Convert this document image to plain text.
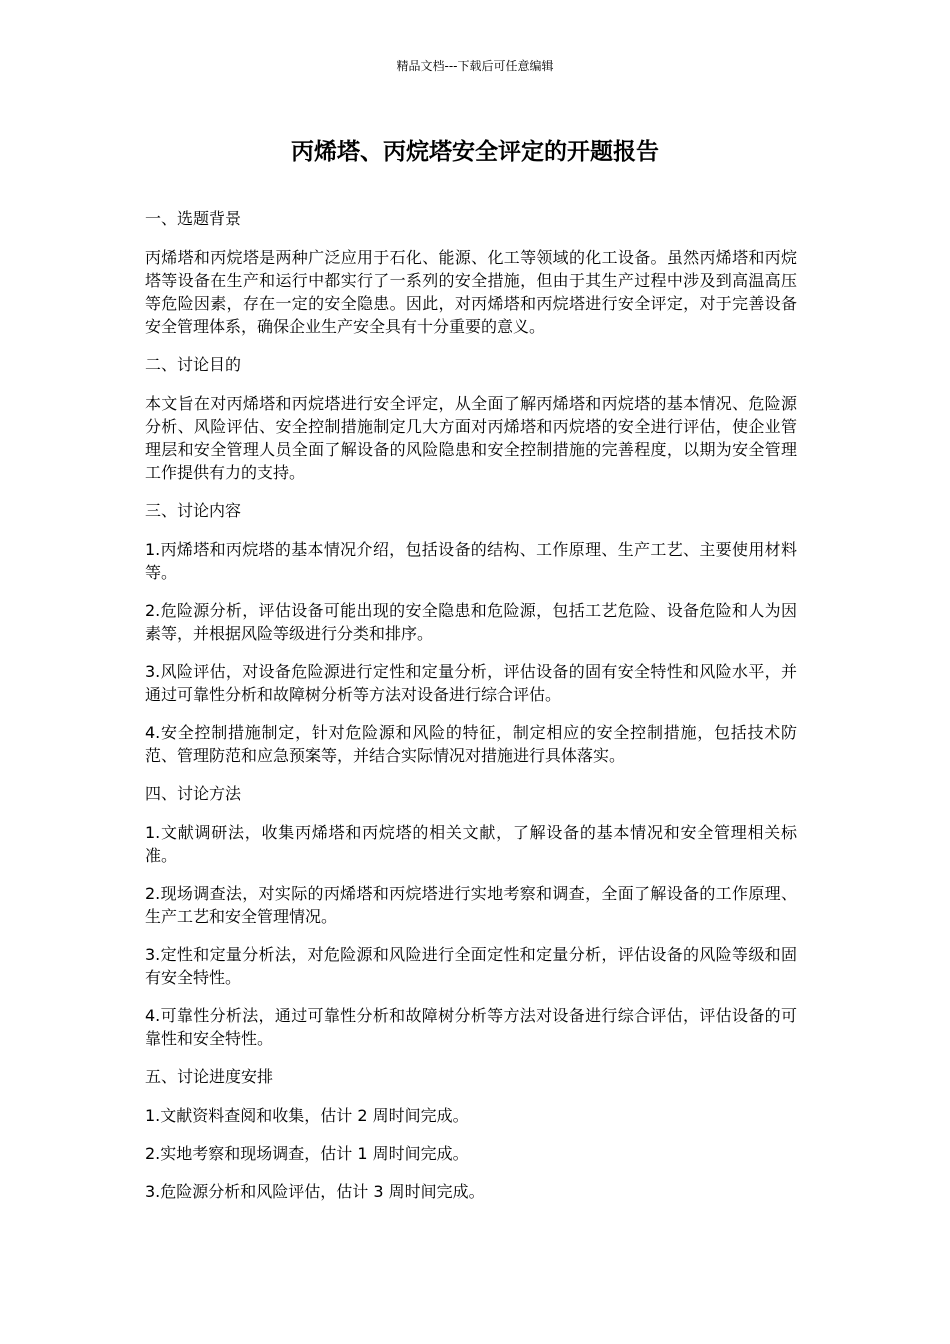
精品文档---下载后可任意编辑
丙烯塔、丙烷塔安全评定的开题报告

一、选题背景

丙烯塔和丙烷塔是两种广泛应用于石化、能源、化工等领域的化工设备。虽然丙烯塔和丙烷塔等设备在生产和运行中都实行了一系列的安全措施，但由于其生产过程中涉及到高温高压等危险因素，存在一定的安全隐患。因此，对丙烯塔和丙烷塔进行安全评定，对于完善设备安全管理体系，确保企业生产安全具有十分重要的意义。

二、讨论目的

本文旨在对丙烯塔和丙烷塔进行安全评定，从全面了解丙烯塔和丙烷塔的基本情况、危险源分析、风险评估、安全控制措施制定几大方面对丙烯塔和丙烷塔的安全进行评估，使企业管理层和安全管理人员全面了解设备的风险隐患和安全控制措施的完善程度，以期为安全管理工作提供有力的支持。

三、讨论内容

1.丙烯塔和丙烷塔的基本情况介绍，包括设备的结构、工作原理、生产工艺、主要使用材料等。

2.危险源分析，评估设备可能出现的安全隐患和危险源，包括工艺危险、设备危险和人为因素等，并根据风险等级进行分类和排序。

3.风险评估，对设备危险源进行定性和定量分析，评估设备的固有安全特性和风险水平，并通过可靠性分析和故障树分析等方法对设备进行综合评估。

4.安全控制措施制定，针对危险源和风险的特征，制定相应的安全控制措施，包括技术防范、管理防范和应急预案等，并结合实际情况对措施进行具体落实。

四、讨论方法

1.文献调研法，收集丙烯塔和丙烷塔的相关文献，了解设备的基本情况和安全管理相关标准。

2.现场调查法，对实际的丙烯塔和丙烷塔进行实地考察和调查，全面了解设备的工作原理、生产工艺和安全管理情况。

3.定性和定量分析法，对危险源和风险进行全面定性和定量分析，评估设备的风险等级和固有安全特性。

4.可靠性分析法，通过可靠性分析和故障树分析等方法对设备进行综合评估，评估设备的可靠性和安全特性。

五、讨论进度安排

1.文献资料查阅和收集，估计 2 周时间完成。

2.实地考察和现场调查，估计 1 周时间完成。

3.危险源分析和风险评估，估计 3 周时间完成。
